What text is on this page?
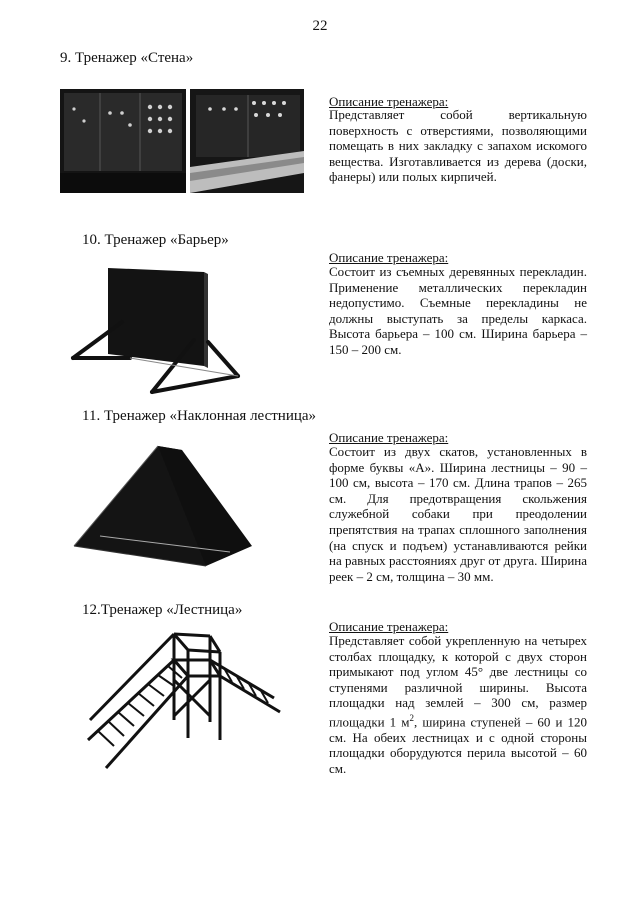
22
9. Тренажер «Стена»
Описание тренажера:
Представляет собой вертикальную поверхность с отверстиями, позволяющими помещать в них закладку с запахом искомого вещества. Изготавливается из дерева (доски, фанеры) или полых кирпичей.
10. Тренажер «Барьер»
Описание тренажера:
Состоит из съемных деревянных перекладин. Применение металлических перекладин недопустимо. Съемные перекладины не должны выступать за пределы каркаса. Высота барьера – 100 см. Ширина барьера – 150 – 200 см.
11. Тренажер «Наклонная лестница»
Описание тренажера:
Состоит из двух скатов, установленных в форме буквы «А». Ширина лестницы – 90 – 100 см, высота – 170 см. Длина трапов – 265 см. Для предотвращения скольжения служебной собаки при преодолении препятствия на трапах сплошного заполнения (на спуск и подъем) устанавливаются рейки на равных расстояниях друг от друга. Ширина реек – 2 см, толщина – 30 мм.
12.Тренажер «Лестница»
Описание тренажера:
Представляет собой укрепленную на четырех столбах площадку, к которой с двух сторон примыкают под углом 45° две лестницы со ступенями различной ширины. Высота площадки над землей – 300 см, размер площадки 1 $м^2$, ширина ступеней – 60 и 120 см. На обеих лестницах и с одной стороны площадки оборудуются перила высотой – 60 см.
